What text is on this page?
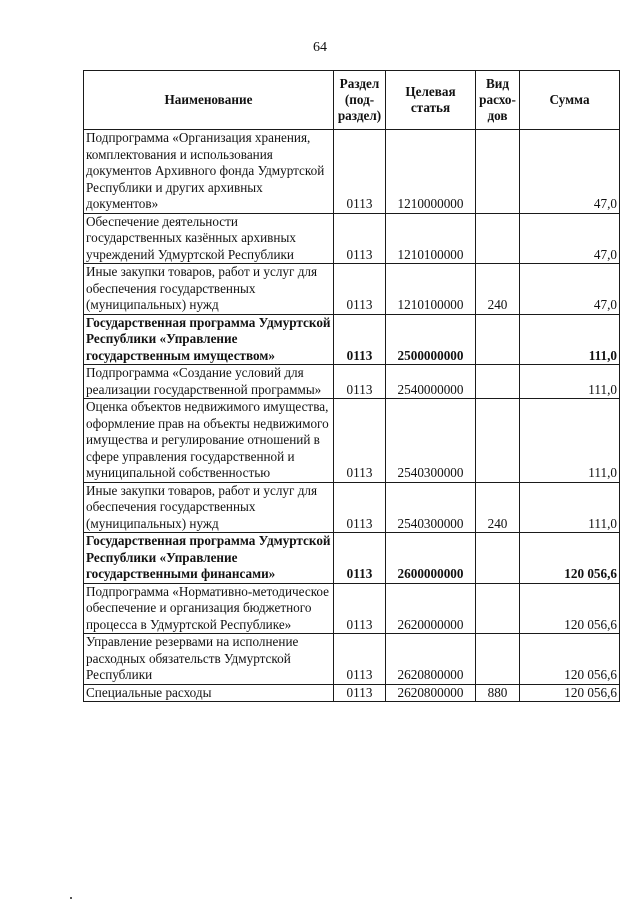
64
Наименование	Раздел (под-раздел)	Целевая статья	Вид расхо-дов	Сумма
Подпрограмма «Организация хранения, комплектования и использования документов Архивного фонда Удмуртской Республики и других архивных документов»	0113	1210000000		47,0
Обеспечение деятельности государственных казённых архивных учреждений Удмуртской Республики	0113	1210100000		47,0
Иные закупки товаров, работ и услуг для обеспечения государственных (муниципальных) нужд	0113	1210100000	240	47,0
Государственная программа Удмуртской Республики «Управление государственным имуществом»	0113	2500000000		111,0
Подпрограмма «Создание условий для реализации государственной программы»	0113	2540000000		111,0
Оценка объектов недвижимого имущества, оформление прав на объекты недвижимого имущества и регулирование отношений в сфере управления государственной и муниципальной собственностью	0113	2540300000		111,0
Иные закупки товаров, работ и услуг для обеспечения государственных (муниципальных) нужд	0113	2540300000	240	111,0
Государственная программа Удмуртской Республики «Управление государственными финансами»	0113	2600000000		120 056,6
Подпрограмма «Нормативно-методическое обеспечение и организация бюджетного процесса в Удмуртской Республике»	0113	2620000000		120 056,6
Управление резервами на исполнение расходных обязательств Удмуртской Республики	0113	2620800000		120 056,6
Специальные расходы	0113	2620800000	880	120 056,6
